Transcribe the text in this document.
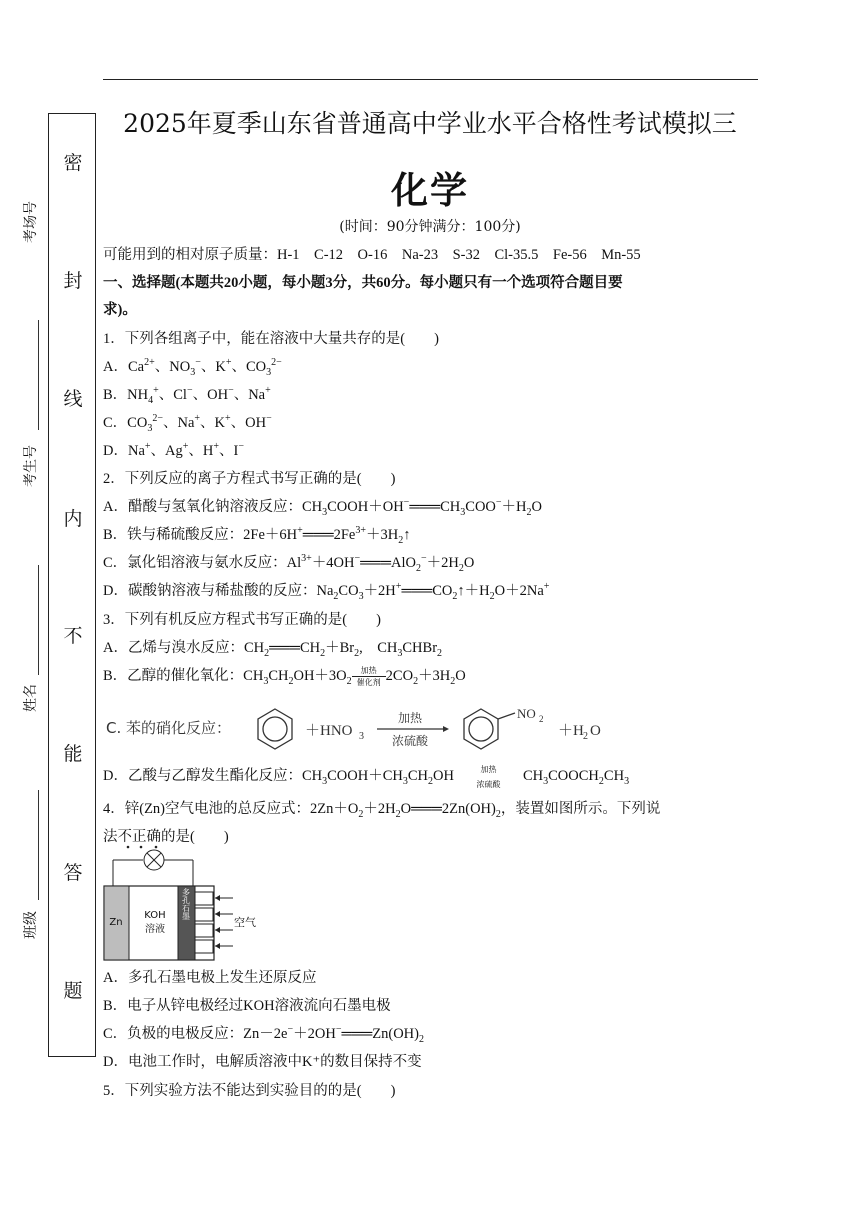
密
封
线
内
不
能
答
题
考场号
考生号
姓名
班级
2025年夏季山东省普通高中学业水平合格性考试模拟三
化学
(时间：90分钟满分：100分)
可能用到的相对原子质量：H-1　C-12　O-16　Na-23　S-32　Cl-35.5　Fe-56　Mn-55
一、选择题(本题共20小题，每小题3分，共60分。每小题只有一个选项符合题目要
求)。
1．下列各组离子中，能在溶液中大量共存的是(　　)
A．$Ca^{2+}$、$NO_3^-$、K+、$CO_3^{2-}$
B．$NH_4^+$、Cl−、OH−、Na+
C．$CO_3^{2-}$、Na+、K+、OH−
D．Na+、Ag+、H+、I−
2．下列反应的离子方程式书写正确的是(　　)
A．醋酸与氢氧化钠溶液反应：$CH_3COOH+OH^-═══CH_3COO^-+H_2O$
B．铁与稀硫酸反应：$2Fe+6H^+═══2Fe^{3+}+3H_2↑$
C．氯化铝溶液与氨水反应：$Al^{3+}+4OH^-═══AlO_2^-+2H_2O$
D．碳酸钠溶液与稀盐酸的反应：$Na_2CO_3+2H^+═══CO_2↑+H_2O+2Na^+$
3．下列有机反应方程式书写正确的是(　　)
A．乙烯与溴水反应：$CH_2═══CH_2+Br_2$,　$CH_3CHBr_2$
B．乙醇的催化氧化：$CH_3CH_2OH+3O_2$
加热
催化剂 $2CO_2+3H_2O$
C. 苯的硝化反应：	＋HNO 3
加热
浓硫酸
NO 2
＋H 2 O
D．乙酸与乙醇发生酯化反应：$CH_3COOH+CH_3CH_2OH$　	加热
浓硫酸
　$CH_3COOCH_2CH_3$
4．锌(Zn)空气电池的总反应式：$2Zn+O_2+2H_2O═══2Zn(OH)_2$，装置如图所示。下列说
法不正确的是(　　)
Zn
KOH
溶液
多孔石墨
空气
A．多孔石墨电极上发生还原反应
B．电子从锌电极经过KOH溶液流向石墨电极
C．负极的电极反应：$Zn-2e^-+2OH^-═══Zn(OH)_2$
D．电池工作时，电解质溶液中K⁺的数目保持不变
5．下列实验方法不能达到实验目的的是(　　)
